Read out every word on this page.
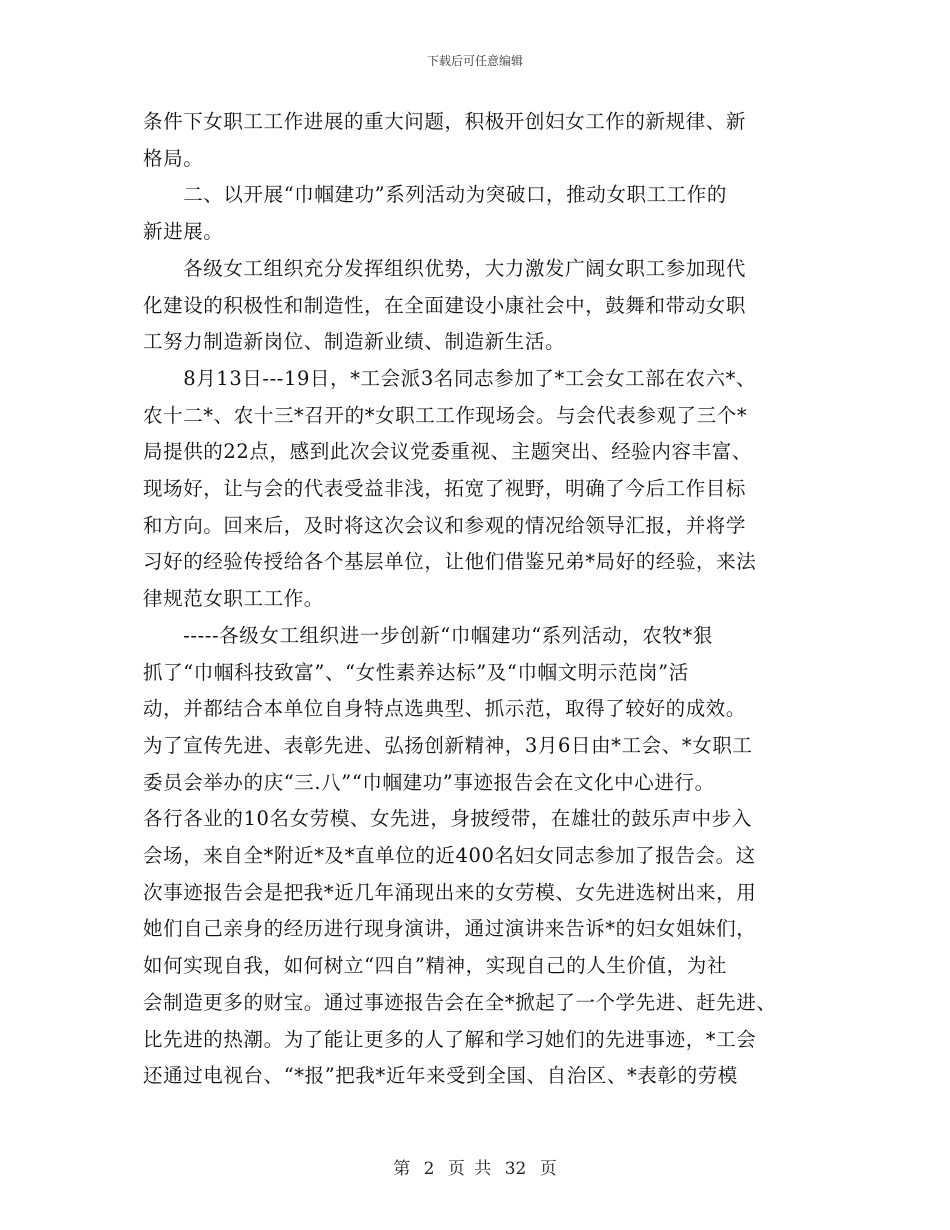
下载后可任意编辑
条件下女职工工作进展的重大问题，积极开创妇女工作的新规律、新
格局。
　　二、以开展“巾帼建功”系列活动为突破口，推动女职工工作的
新进展。
　　各级女工组织充分发挥组织优势，大力激发广阔女职工参加现代
化建设的积极性和制造性，在全面建设小康社会中，鼓舞和带动女职
工努力制造新岗位、制造新业绩、制造新生活。
　　8月13日---19日，*工会派3名同志参加了*工会女工部在农六*、
农十二*、农十三*召开的*女职工工作现场会。与会代表参观了三个*
局提供的22点，感到此次会议党委重视、主题突出、经验内容丰富、
现场好，让与会的代表受益非浅，拓宽了视野，明确了今后工作目标
和方向。回来后，及时将这次会议和参观的情况给领导汇报，并将学
习好的经验传授给各个基层单位，让他们借鉴兄弟*局好的经验，来法
律规范女职工工作。
　　-----各级女工组织进一步创新“巾帼建功“系列活动，农牧*狠
抓了“巾帼科技致富”、“女性素养达标”及“巾帼文明示范岗”活
动，并都结合本单位自身特点选典型、抓示范，取得了较好的成效。
为了宣传先进、表彰先进、弘扬创新精神，3月6日由*工会、*女职工
委员会举办的庆“三.八”“巾帼建功”事迹报告会在文化中心进行。
各行各业的10名女劳模、女先进，身披绶带，在雄壮的鼓乐声中步入
会场，来自全*附近*及*直单位的近400名妇女同志参加了报告会。这
次事迹报告会是把我*近几年涌现出来的女劳模、女先进选树出来，用
她们自己亲身的经历进行现身演讲，通过演讲来告诉*的妇女姐妹们，
如何实现自我，如何树立“四自”精神，实现自己的人生价值，为社
会制造更多的财宝。通过事迹报告会在全*掀起了一个学先进、赶先进、
比先进的热潮。为了能让更多的人了解和学习她们的先进事迹，*工会
还通过电视台、“*报”把我*近年来受到全国、自治区、*表彰的劳模
第 2 页 共 32 页
